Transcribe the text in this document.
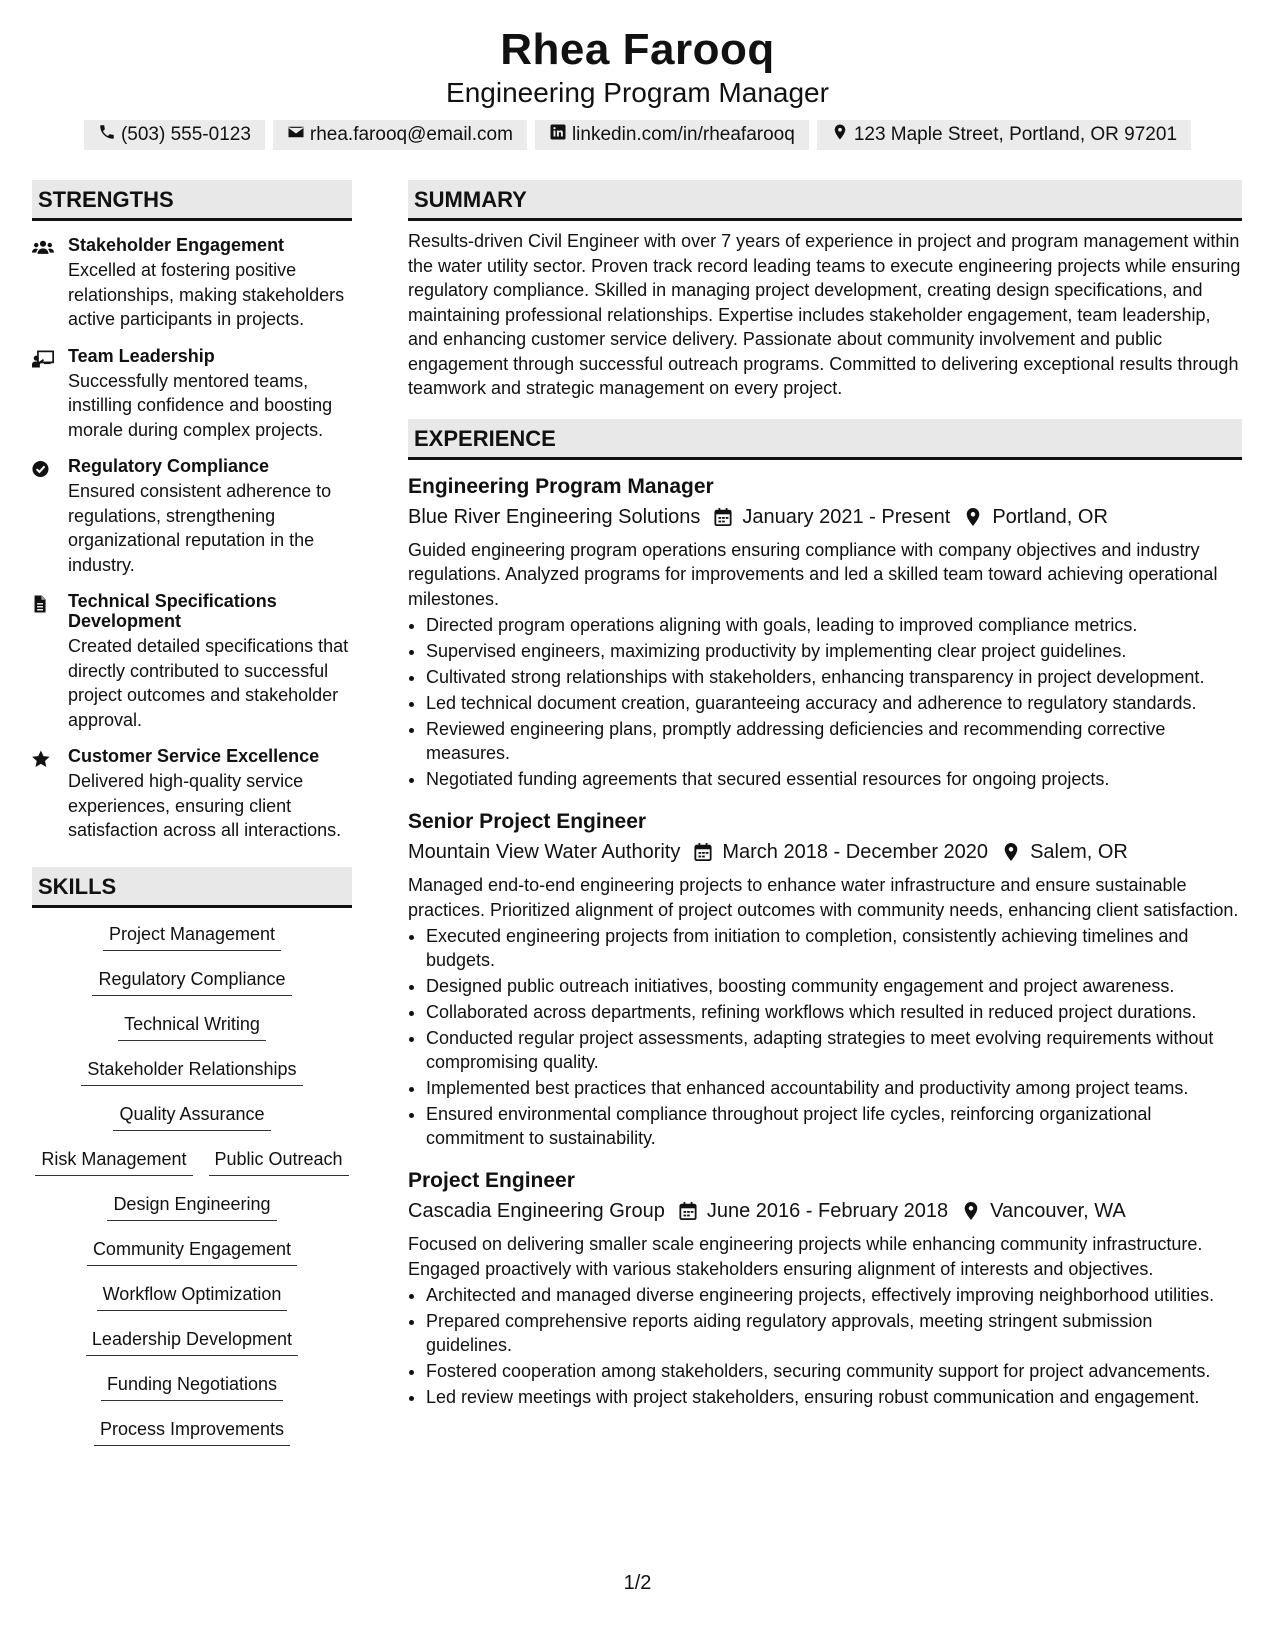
Rhea Farooq
Engineering Program Manager
(503) 555-0123	rhea.farooq@email.com	linkedin.com/in/rheafarooq	123 Maple Street, Portland, OR 97201
STRENGTHS
Stakeholder Engagement
Excelled at fostering positive relationships, making stakeholders active participants in projects.
Team Leadership
Successfully mentored teams, instilling confidence and boosting morale during complex projects.
Regulatory Compliance
Ensured consistent adherence to regulations, strengthening organizational reputation in the industry.
Technical Specifications Development
Created detailed specifications that directly contributed to successful project outcomes and stakeholder approval.
Customer Service Excellence
Delivered high-quality service experiences, ensuring client satisfaction across all interactions.
SKILLS
Project Management
Regulatory Compliance
Technical Writing
Stakeholder Relationships
Quality Assurance
Risk Management	Public Outreach
Design Engineering
Community Engagement
Workflow Optimization
Leadership Development
Funding Negotiations
Process Improvements
SUMMARY
Results-driven Civil Engineer with over 7 years of experience in project and program management within the water utility sector. Proven track record leading teams to execute engineering projects while ensuring regulatory compliance. Skilled in managing project development, creating design specifications, and maintaining professional relationships. Expertise includes stakeholder engagement, team leadership, and enhancing customer service delivery. Passionate about community involvement and public engagement through successful outreach programs. Committed to delivering exceptional results through teamwork and strategic management on every project.
EXPERIENCE
Engineering Program Manager
Blue River Engineering Solutions January 2021 - Present Portland, OR
Guided engineering program operations ensuring compliance with company objectives and industry regulations. Analyzed programs for improvements and led a skilled team toward achieving operational milestones.
• Directed program operations aligning with goals, leading to improved compliance metrics.
• Supervised engineers, maximizing productivity by implementing clear project guidelines.
• Cultivated strong relationships with stakeholders, enhancing transparency in project development.
• Led technical document creation, guaranteeing accuracy and adherence to regulatory standards.
• Reviewed engineering plans, promptly addressing deficiencies and recommending corrective measures.
• Negotiated funding agreements that secured essential resources for ongoing projects.
Senior Project Engineer
Mountain View Water Authority March 2018 - December 2020 Salem, OR
Managed end-to-end engineering projects to enhance water infrastructure and ensure sustainable practices. Prioritized alignment of project outcomes with community needs, enhancing client satisfaction.
• Executed engineering projects from initiation to completion, consistently achieving timelines and budgets.
• Designed public outreach initiatives, boosting community engagement and project awareness.
• Collaborated across departments, refining workflows which resulted in reduced project durations.
• Conducted regular project assessments, adapting strategies to meet evolving requirements without compromising quality.
• Implemented best practices that enhanced accountability and productivity among project teams.
• Ensured environmental compliance throughout project life cycles, reinforcing organizational commitment to sustainability.
Project Engineer
Cascadia Engineering Group June 2016 - February 2018 Vancouver, WA
Focused on delivering smaller scale engineering projects while enhancing community infrastructure. Engaged proactively with various stakeholders ensuring alignment of interests and objectives.
• Architected and managed diverse engineering projects, effectively improving neighborhood utilities.
• Prepared comprehensive reports aiding regulatory approvals, meeting stringent submission guidelines.
• Fostered cooperation among stakeholders, securing community support for project advancements.
• Led review meetings with project stakeholders, ensuring robust communication and engagement.
1/2
